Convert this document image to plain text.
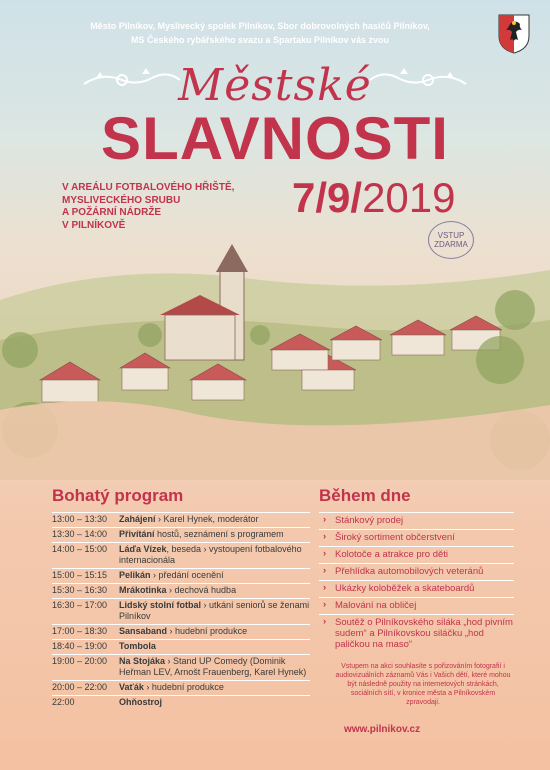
Město Pilníkov, Myslivecký spolek Pilníkov, Sbor dobrovolných hasičů Pilníkov,
MS Českého rybářského svazu a Spartaku Pilníkov vás zvou
Městské
SLAVNOSTI
V AREÁLU FOTBALOVÉHO HŘIŠTĚ,
MYSLIVECKÉHO SRUBU
A POŽÁRNÍ NÁDRŽE
V PILNÍKOVĚ
7/9/2019
VSTUP
ZDARMA
Bohatý program	Během dne
13:00 – 13:30	Zahájení › Karel Hynek, moderátor
13:30 – 14:00	Přivítání hostů, seznámení s programem
14:00 – 15:00	Láďa Vízek, beseda › vystoupení fotbalového internacionála
15:00 – 15:15	Pelikán › předání ocenění
15:30 – 16:30	Mrákotinka › dechová hudba
16:30 – 17:00	Lidský stolní fotbal › utkání seniorů se ženami Pilníkov
17:00 – 18:30	Sansaband › hudební produkce
18:40 – 19:00	Tombola
19:00 – 20:00	Na Stojáka › Stand UP Comedy (Dominik Heřman LEV, Arnošt Frauenberg, Karel Hynek)
20:00 – 22:00	Vaťák › hudební produkce
22:00	Ohňostroj
› Stánkový prodej
› Široký sortiment občerstvení
› Kolotoče a atrakce pro děti
› Přehlídka automobilových veteránů
› Ukázky koloběžek a skateboardů
› Malování na obličej
› Soutěž o Pilníkovského siláka „hod pivním sudem“ a Pilníkovskou siláčku „hod paličkou na maso“
Vstupem na akci souhlasíte s pořizováním fotografií i audiovizuálních záznamů Vás i Vašich dětí, které mohou být následně použity na internetových stránkách, sociálních sítí, v kronice města a Pilníkovském zpravodaji.
www.pilnikov.cz
